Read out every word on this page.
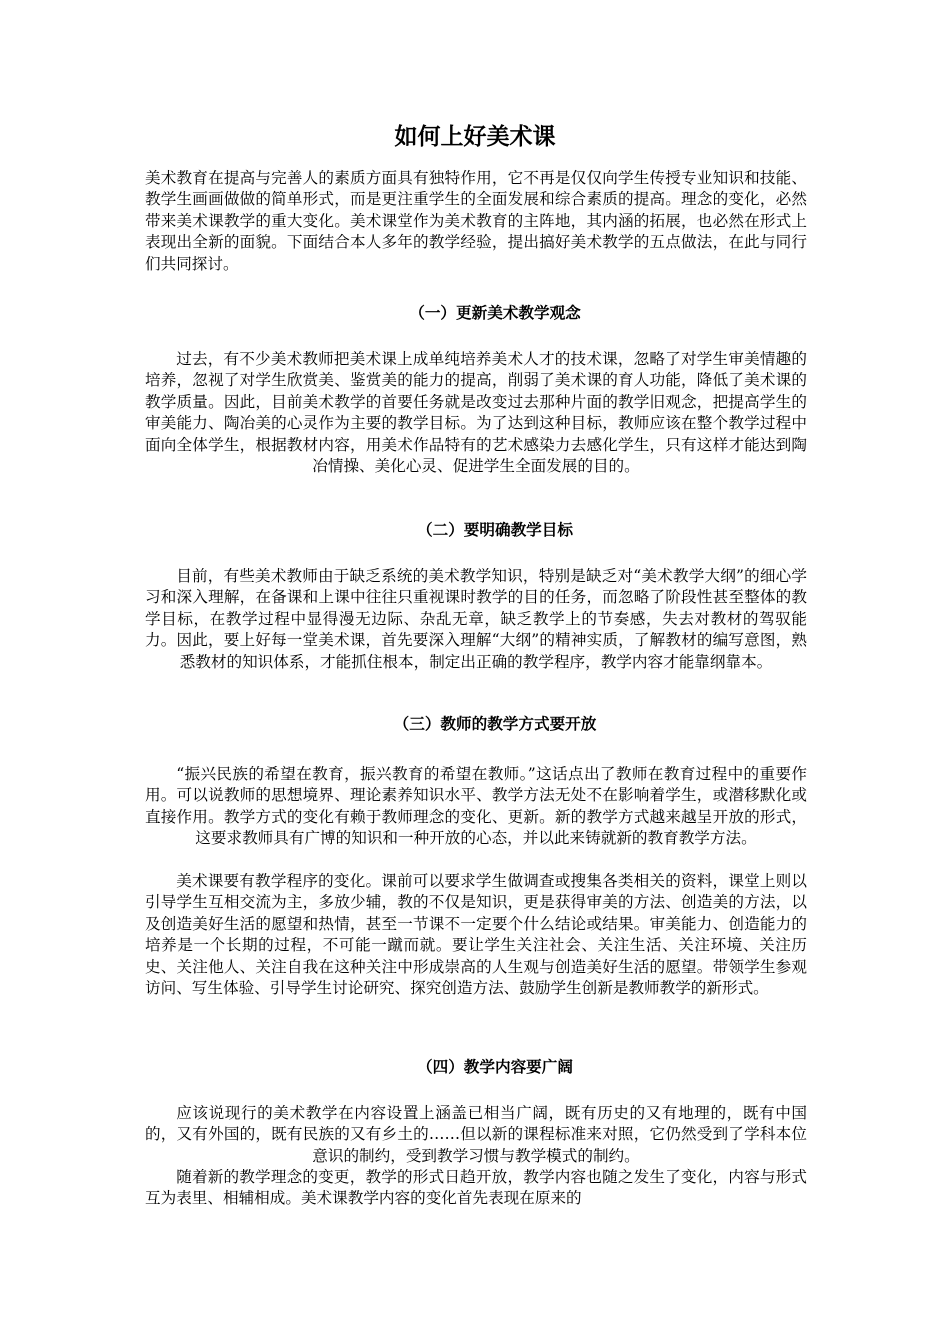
如何上好美术课

美术教育在提高与完善人的素质方面具有独特作用，它不再是仅仅向学生传授专业知识和技能、教学生画画做做的简单形式，而是更注重学生的全面发展和综合素质的提高。理念的变化，必然带来美术课教学的重大变化。美术课堂作为美术教育的主阵地，其内涵的拓展，也必然在形式上表现出全新的面貌。下面结合本人多年的教学经验，提出搞好美术教学的五点做法，在此与同行们共同探讨。

（一）更新美术教学观念

过去，有不少美术教师把美术课上成单纯培养美术人才的技术课，忽略了对学生审美情趣的培养，忽视了对学生欣赏美、鉴赏美的能力的提高，削弱了美术课的育人功能，降低了美术课的教学质量。因此，目前美术教学的首要任务就是改变过去那种片面的教学旧观念，把提高学生的审美能力、陶冶美的心灵作为主要的教学目标。为了达到这种目标，教师应该在整个教学过程中面向全体学生，根据教材内容，用美术作品特有的艺术感染力去感化学生，只有这样才能达到陶冶情操、美化心灵、促进学生全面发展的目的。

（二）要明确教学目标

目前，有些美术教师由于缺乏系统的美术教学知识，特别是缺乏对“美术教学大纲”的细心学习和深入理解，在备课和上课中往往只重视课时教学的目的任务，而忽略了阶段性甚至整体的教学目标，在教学过程中显得漫无边际、杂乱无章，缺乏教学上的节奏感，失去对教材的驾驭能力。因此，要上好每一堂美术课，首先要深入理解“大纲”的精神实质，了解教材的编写意图，熟悉教材的知识体系，才能抓住根本，制定出正确的教学程序，教学内容才能靠纲靠本。

（三）教师的教学方式要开放

“振兴民族的希望在教育，振兴教育的希望在教师。”这话点出了教师在教育过程中的重要作用。可以说教师的思想境界、理论素养知识水平、教学方法无处不在影响着学生，或潜移默化或直接作用。教学方式的变化有赖于教师理念的变化、更新。新的教学方式越来越呈开放的形式，这要求教师具有广博的知识和一种开放的心态，并以此来铸就新的教育教学方法。

美术课要有教学程序的变化。课前可以要求学生做调查或搜集各类相关的资料，课堂上则以引导学生互相交流为主，多放少辅，教的不仅是知识，更是获得审美的方法、创造美的方法，以及创造美好生活的愿望和热情，甚至一节课不一定要个什么结论或结果。审美能力、创造能力的培养是一个长期的过程，不可能一蹴而就。要让学生关注社会、关注生活、关注环境、关注历史、关注他人、关注自我在这种关注中形成崇高的人生观与创造美好生活的愿望。带领学生参观访问、写生体验、引导学生讨论研究、探究创造方法、鼓励学生创新是教师教学的新形式。

（四）教学内容要广阔

应该说现行的美术教学在内容设置上涵盖已相当广阔，既有历史的又有地理的，既有中国的，又有外国的，既有民族的又有乡土的……但以新的课程标准来对照，它仍然受到了学科本位意识的制约，受到教学习惯与教学模式的制约。

随着新的教学理念的变更，教学的形式日趋开放，教学内容也随之发生了变化，内容与形式互为表里、相辅相成。美术课教学内容的变化首先表现在原来的
